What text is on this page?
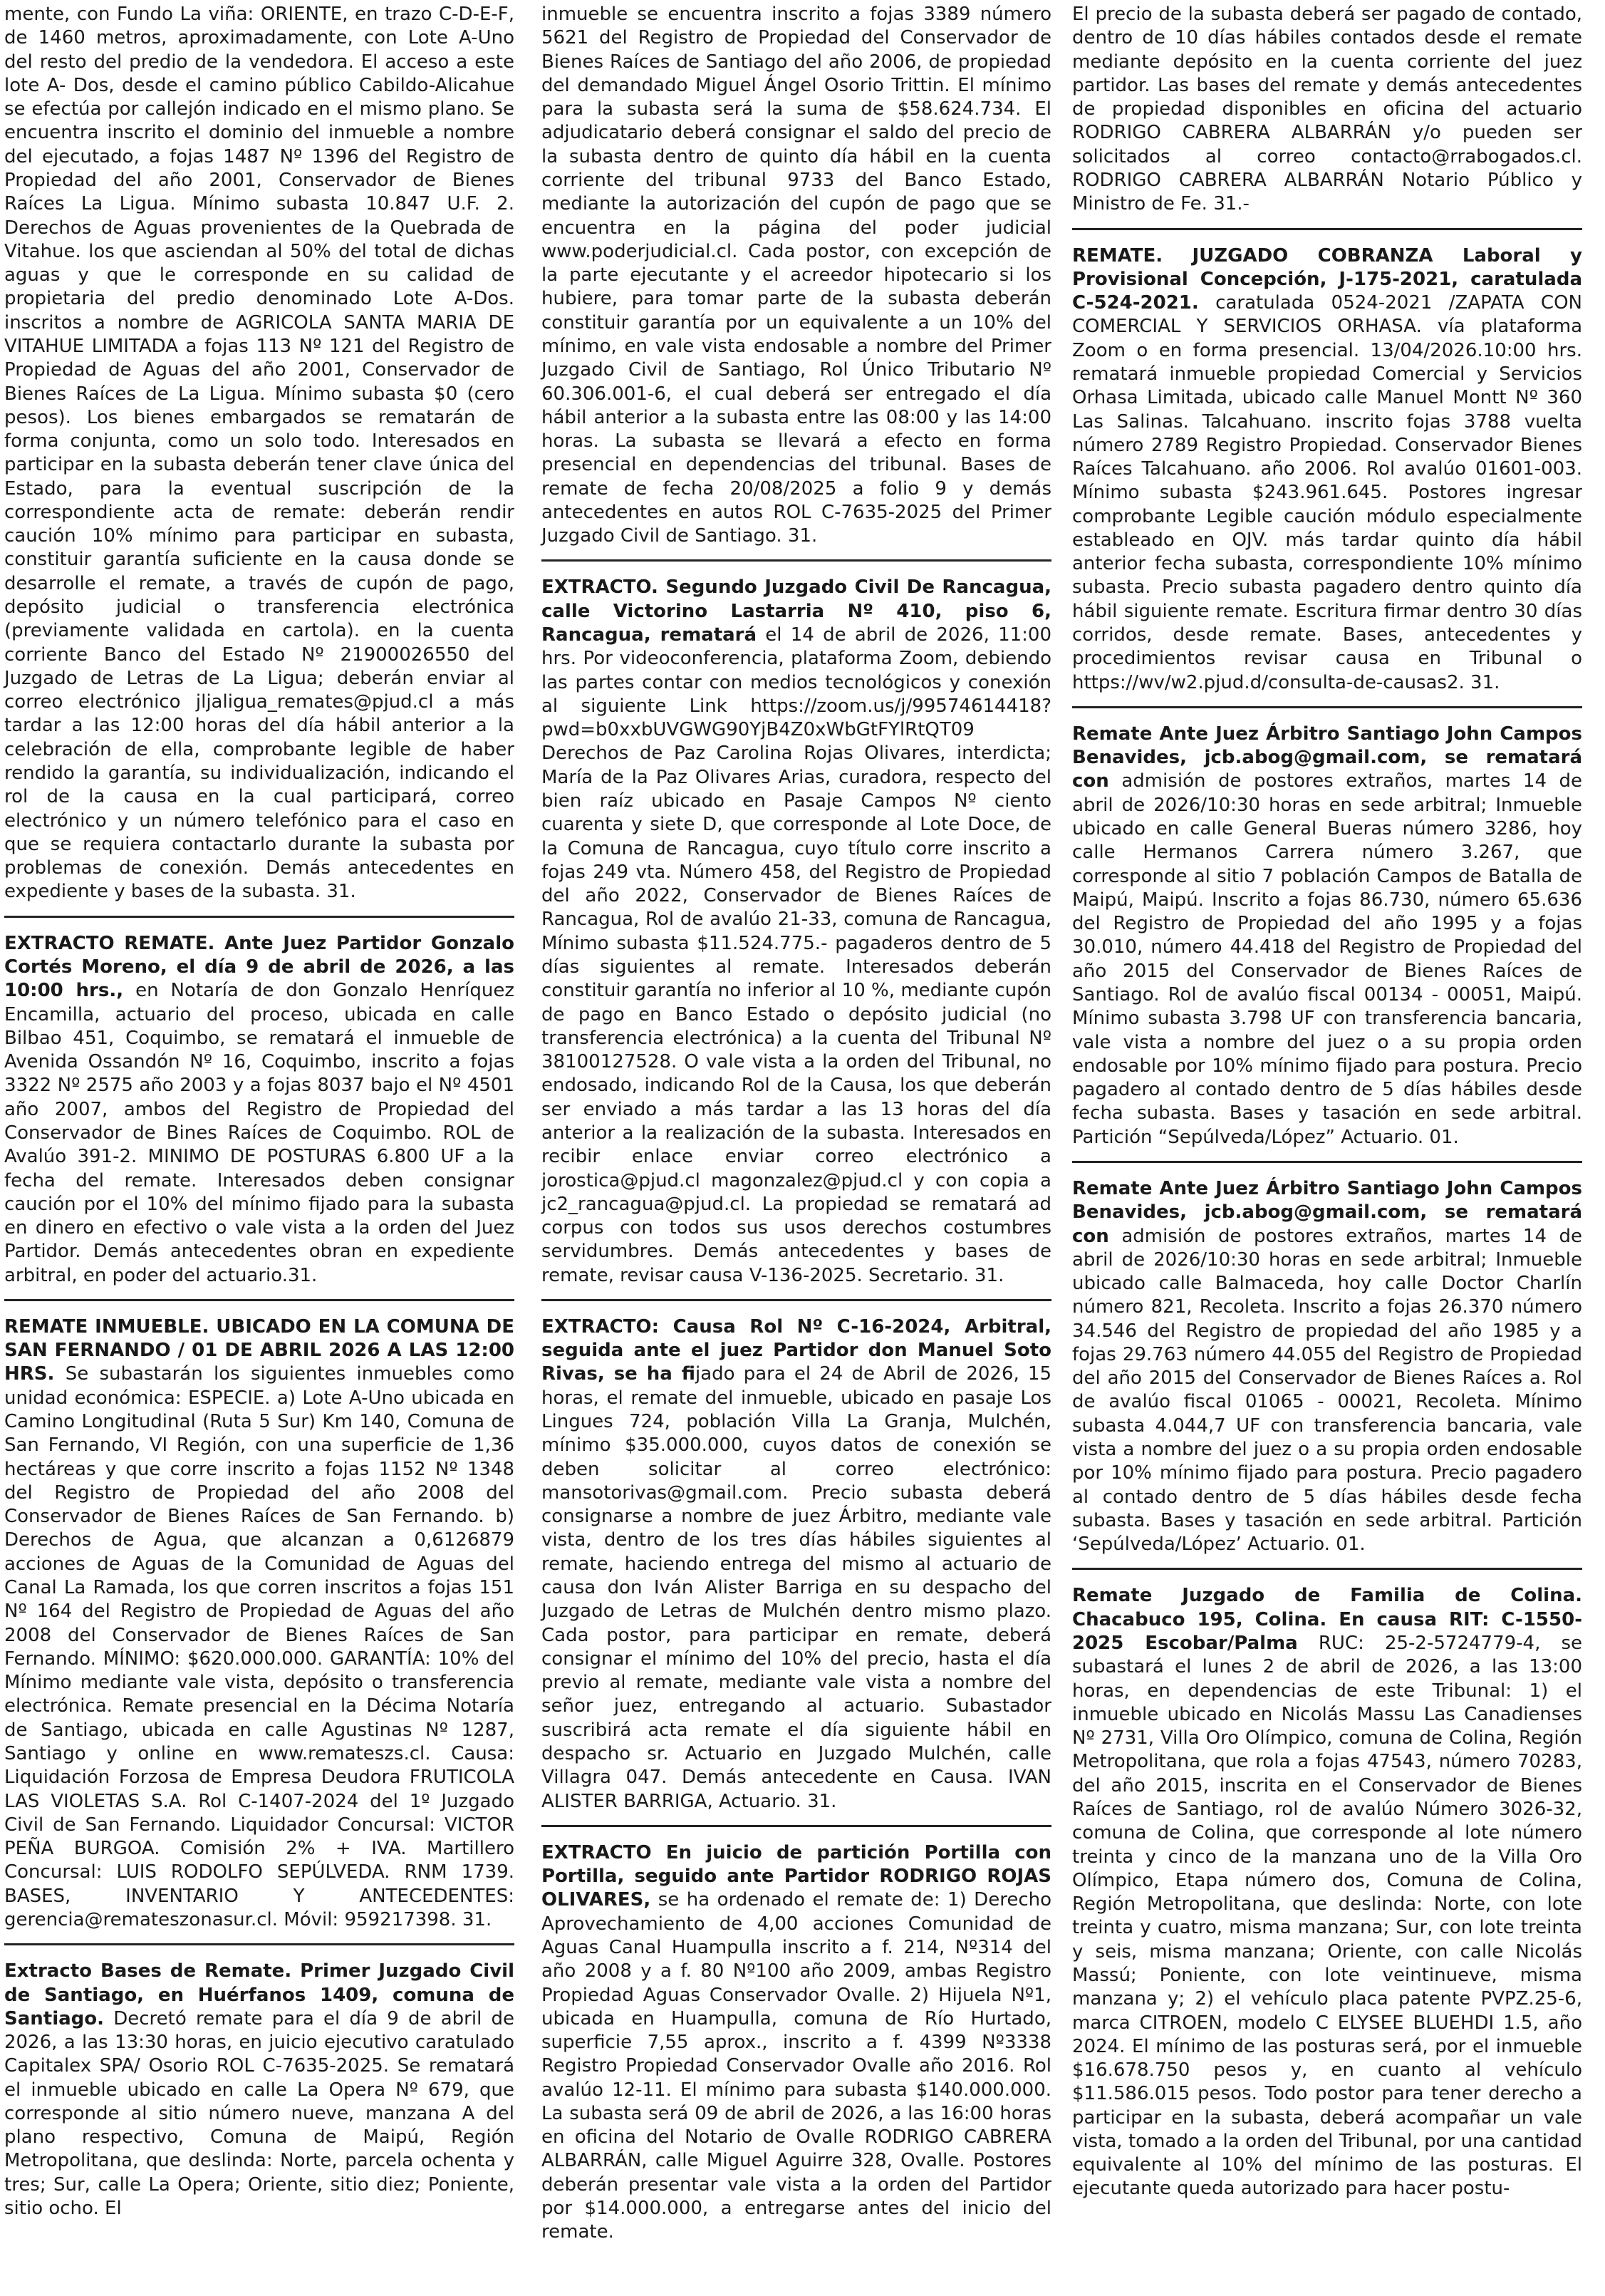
mente, con Fundo La viña: ORIENTE, en trazo C-D-E-F, de 1460 metros, aproximadamente, con Lote A-Uno del resto del predio de la vendedora. El acceso a este lote A- Dos, desde el camino público Cabildo-Alicahue se efectúa por callejón indicado en el mismo plano. Se encuentra inscrito el dominio del inmueble a nombre del ejecutado, a fojas 1487 Nº 1396 del Registro de Propiedad del año 2001, Conservador de Bienes Raíces La Ligua. Mínimo subasta 10.847 U.F. 2. Derechos de Aguas provenientes de la Quebrada de Vitahue. los que asciendan al 50% del total de dichas aguas y que le corresponde en su calidad de propietaria del predio denominado Lote A-Dos. inscritos a nombre de AGRICOLA SANTA MARIA DE VITAHUE LIMITADA a fojas 113 Nº 121 del Registro de Propiedad de Aguas del año 2001, Conservador de Bienes Raíces de La Ligua. Mínimo subasta $0 (cero pesos). Los bienes embargados se rematarán de forma conjunta, como un solo todo. Interesados en participar en la subasta deberán tener clave única del Estado, para la eventual suscripción de la correspondiente acta de remate: deberán rendir caución 10% mínimo para participar en subasta, constituir garantía suficiente en la causa donde se desarrolle el remate, a través de cupón de pago, depósito judicial o transferencia electrónica (previamente validada en cartola). en la cuenta corriente Banco del Estado Nº 21900026550 del Juzgado de Letras de La Ligua; deberán enviar al correo electrónico jljaligua_remates@pjud.cl a más tardar a las 12:00 horas del día hábil anterior a la celebración de ella, comprobante legible de haber rendido la garantía, su individualización, indicando el rol de la causa en la cual participará, correo electrónico y un número telefónico para el caso en que se requiera contactarlo durante la subasta por problemas de conexión. Demás antecedentes en expediente y bases de la subasta. 31.

EXTRACTO REMATE. Ante Juez Partidor Gonzalo Cortés Moreno, el día 9 de abril de 2026, a las 10:00 hrs., en Notaría de don Gonzalo Henríquez Encamilla, actuario del proceso, ubicada en calle Bilbao 451, Coquimbo, se rematará el inmueble de Avenida Ossandón Nº 16, Coquimbo, inscrito a fojas 3322 Nº 2575 año 2003 y a fojas 8037 bajo el Nº 4501 año 2007, ambos del Registro de Propiedad del Conservador de Bines Raíces de Coquimbo. ROL de Avalúo 391-2. MINIMO DE POSTURAS 6.800 UF a la fecha del remate. Interesados deben consignar caución por el 10% del mínimo fijado para la subasta en dinero en efectivo o vale vista a la orden del Juez Partidor. Demás antecedentes obran en expediente arbitral, en poder del actuario.31.

REMATE INMUEBLE. UBICADO EN LA COMUNA DE SAN FERNANDO / 01 DE ABRIL 2026 A LAS 12:00 HRS. Se subastarán los siguientes inmuebles como unidad económica: ESPECIE. a) Lote A-Uno ubicada en Camino Longitudinal (Ruta 5 Sur) Km 140, Comuna de San Fernando, VI Región, con una superficie de 1,36 hectáreas y que corre inscrito a fojas 1152 Nº 1348 del Registro de Propiedad del año 2008 del Conservador de Bienes Raíces de San Fernando. b) Derechos de Agua, que alcanzan a 0,6126879 acciones de Aguas de la Comunidad de Aguas del Canal La Ramada, los que corren inscritos a fojas 151 Nº 164 del Registro de Propiedad de Aguas del año 2008 del Conservador de Bienes Raíces de San Fernando. MÍNIMO: $620.000.000. GARANTÍA: 10% del Mínimo mediante vale vista, depósito o transferencia electrónica. Remate presencial en la Décima Notaría de Santiago, ubicada en calle Agustinas Nº 1287, Santiago y online en www.remateszs.cl. Causa: Liquidación Forzosa de Empresa Deudora FRUTICOLA LAS VIOLETAS S.A. Rol C-1407-2024 del 1º Juzgado Civil de San Fernando. Liquidador Concursal: VICTOR PEÑA BURGOA. Comisión 2% + IVA. Martillero Concursal: LUIS RODOLFO SEPÚLVEDA. RNM 1739. BASES, INVENTARIO Y ANTECEDENTES: gerencia@remateszonasur.cl. Móvil: 959217398. 31.

Extracto Bases de Remate. Primer Juzgado Civil de Santiago, en Huérfanos 1409, comuna de Santiago. Decretó remate para el día 9 de abril de 2026, a las 13:30 horas, en juicio ejecutivo caratulado Capitalex SPA/ Osorio ROL C-7635-2025. Se rematará el inmueble ubicado en calle La Opera Nº 679, que corresponde al sitio número nueve, manzana A del plano respectivo, Comuna de Maipú, Región Metropolitana, que deslinda: Norte, parcela ochenta y tres; Sur, calle La Opera; Oriente, sitio diez; Poniente, sitio ocho. El

inmueble se encuentra inscrito a fojas 3389 número 5621 del Registro de Propiedad del Conservador de Bienes Raíces de Santiago del año 2006, de propiedad del demandado Miguel Ángel Osorio Trittin. El mínimo para la subasta será la suma de $58.624.734. El adjudicatario deberá consignar el saldo del precio de la subasta dentro de quinto día hábil en la cuenta corriente del tribunal 9733 del Banco Estado, mediante la autorización del cupón de pago que se encuentra en la página del poder judicial www.poderjudicial.cl. Cada postor, con excepción de la parte ejecutante y el acreedor hipotecario si los hubiere, para tomar parte de la subasta deberán constituir garantía por un equivalente a un 10% del mínimo, en vale vista endosable a nombre del Primer Juzgado Civil de Santiago, Rol Único Tributario Nº 60.306.001-6, el cual deberá ser entregado el día hábil anterior a la subasta entre las 08:00 y las 14:00 horas. La subasta se llevará a efecto en forma presencial en dependencias del tribunal. Bases de remate de fecha 20/08/2025 a folio 9 y demás antecedentes en autos ROL C-7635-2025 del Primer Juzgado Civil de Santiago. 31.

EXTRACTO. Segundo Juzgado Civil De Rancagua, calle Victorino Lastarria Nº 410, piso 6, Rancagua, rematará el 14 de abril de 2026, 11:00 hrs. Por videoconferencia, plataforma Zoom, debiendo las partes contar con medios tecnológicos y conexión al siguiente Link https://zoom.us/j/99574614418?pwd=b0xxbUVGWG90YjB4Z0xWbGtFYlRtQT09 Derechos de Paz Carolina Rojas Olivares, interdicta; María de la Paz Olivares Arias, curadora, respecto del bien raíz ubicado en Pasaje Campos Nº ciento cuarenta y siete D, que corresponde al Lote Doce, de la Comuna de Rancagua, cuyo título corre inscrito a fojas 249 vta. Número 458, del Registro de Propiedad del año 2022, Conservador de Bienes Raíces de Rancagua, Rol de avalúo 21-33, comuna de Rancagua, Mínimo subasta $11.524.775.- pagaderos dentro de 5 días siguientes al remate. Interesados deberán constituir garantía no inferior al 10 %, mediante cupón de pago en Banco Estado o depósito judicial (no transferencia electrónica) a la cuenta del Tribunal Nº 38100127528. O vale vista a la orden del Tribunal, no endosado, indicando Rol de la Causa, los que deberán ser enviado a más tardar a las 13 horas del día anterior a la realización de la subasta. Interesados en recibir enlace enviar correo electrónico a jorostica@pjud.cl magonzalez@pjud.cl y con copia a jc2_rancagua@pjud.cl. La propiedad se rematará ad corpus con todos sus usos derechos costumbres servidumbres. Demás antecedentes y bases de remate, revisar causa V-136-2025. Secretario. 31.

EXTRACTO: Causa Rol Nº C-16-2024, Arbitral, seguida ante el juez Partidor don Manuel Soto Rivas, se ha fijado para el 24 de Abril de 2026, 15 horas, el remate del inmueble, ubicado en pasaje Los Lingues 724, población Villa La Granja, Mulchén, mínimo $35.000.000, cuyos datos de conexión se deben solicitar al correo electrónico: mansotorivas@gmail.com. Precio subasta deberá consignarse a nombre de juez Árbitro, mediante vale vista, dentro de los tres días hábiles siguientes al remate, haciendo entrega del mismo al actuario de causa don Iván Alister Barriga en su despacho del Juzgado de Letras de Mulchén dentro mismo plazo. Cada postor, para participar en remate, deberá consignar el mínimo del 10% del precio, hasta el día previo al remate, mediante vale vista a nombre del señor juez, entregando al actuario. Subastador suscribirá acta remate el día siguiente hábil en despacho sr. Actuario en Juzgado Mulchén, calle Villagra 047. Demás antecedente en Causa. IVAN ALISTER BARRIGA, Actuario. 31.

EXTRACTO En juicio de partición Portilla con Portilla, seguido ante Partidor RODRIGO ROJAS OLIVARES, se ha ordenado el remate de: 1) Derecho Aprovechamiento de 4,00 acciones Comunidad de Aguas Canal Huampulla inscrito a f. 214, Nº314 del año 2008 y a f. 80 Nº100 año 2009, ambas Registro Propiedad Aguas Conservador Ovalle. 2) Hijuela Nº1, ubicada en Huampulla, comuna de Río Hurtado, superficie 7,55 aprox., inscrito a f. 4399 Nº3338 Registro Propiedad Conservador Ovalle año 2016. Rol avalúo 12-11. El mínimo para subasta $140.000.000. La subasta será 09 de abril de 2026, a las 16:00 horas en oficina del Notario de Ovalle RODRIGO CABRERA ALBARRÁN, calle Miguel Aguirre 328, Ovalle. Postores deberán presentar vale vista a la orden del Partidor por $14.000.000, a entregarse antes del inicio del remate.

El precio de la subasta deberá ser pagado de contado, dentro de 10 días hábiles contados desde el remate mediante depósito en la cuenta corriente del juez partidor. Las bases del remate y demás antecedentes de propiedad disponibles en oficina del actuario RODRIGO CABRERA ALBARRÁN y/o pueden ser solicitados al correo contacto@rrabogados.cl. RODRIGO CABRERA ALBARRÁN Notario Público y Ministro de Fe. 31.-

REMATE. JUZGADO COBRANZA Laboral y Provisional Concepción, J-175-2021, caratulada C-524-2021. caratulada 0524-2021 /ZAPATA CON COMERCIAL Y SERVICIOS ORHASA. vía plataforma Zoom o en forma presencial. 13/04/2026.10:00 hrs. rematará inmueble propiedad Comercial y Servicios Orhasa Limitada, ubicado calle Manuel Montt Nº 360 Las Salinas. Talcahuano. inscrito fojas 3788 vuelta número 2789 Registro Propiedad. Conservador Bienes Raíces Talcahuano. año 2006. Rol avalúo 01601-003. Mínimo subasta $243.961.645. Postores ingresar comprobante Legible caución módulo especialmente estableado en OJV. más tardar quinto día hábil anterior fecha subasta, correspondiente 10% mínimo subasta. Precio subasta pagadero dentro quinto día hábil siguiente remate. Escritura firmar dentro 30 días corridos, desde remate. Bases, antecedentes y procedimientos revisar causa en Tribunal o https://wv/w2.pjud.d/consulta-de-causas2. 31.

Remate Ante Juez Árbitro Santiago John Campos Benavides, jcb.abog@gmail.com, se rematará con admisión de postores extraños, martes 14 de abril de 2026/10:30 horas en sede arbitral; Inmueble ubicado en calle General Bueras número 3286, hoy calle Hermanos Carrera número 3.267, que corresponde al sitio 7 población Campos de Batalla de Maipú, Maipú. Inscrito a fojas 86.730, número 65.636 del Registro de Propiedad del año 1995 y a fojas 30.010, número 44.418 del Registro de Propiedad del año 2015 del Conservador de Bienes Raíces de Santiago. Rol de avalúo fiscal 00134 - 00051, Maipú. Mínimo subasta 3.798 UF con transferencia bancaria, vale vista a nombre del juez o a su propia orden endosable por 10% mínimo fijado para postura. Precio pagadero al contado dentro de 5 días hábiles desde fecha subasta. Bases y tasación en sede arbitral. Partición “Sepúlveda/López” Actuario. 01.

Remate Ante Juez Árbitro Santiago John Campos Benavides, jcb.abog@gmail.com, se rematará con admisión de postores extraños, martes 14 de abril de 2026/10:30 horas en sede arbitral; Inmueble ubicado calle Balmaceda, hoy calle Doctor Charlín número 821, Recoleta. Inscrito a fojas 26.370 número 34.546 del Registro de propiedad del año 1985 y a fojas 29.763 número 44.055 del Registro de Propiedad del año 2015 del Conservador de Bienes Raíces a. Rol de avalúo fiscal 01065 - 00021, Recoleta. Mínimo subasta 4.044,7 UF con transferencia bancaria, vale vista a nombre del juez o a su propia orden endosable por 10% mínimo fijado para postura. Precio pagadero al contado dentro de 5 días hábiles desde fecha subasta. Bases y tasación en sede arbitral. Partición ‘Sepúlveda/López’ Actuario. 01.

Remate Juzgado de Familia de Colina. Chacabuco 195, Colina. En causa RIT: C-1550-2025 Escobar/Palma RUC: 25-2-5724779-4, se subastará el lunes 2 de abril de 2026, a las 13:00 horas, en dependencias de este Tribunal: 1) el inmueble ubicado en Nicolás Massu Las Canadienses Nº 2731, Villa Oro Olímpico, comuna de Colina, Región Metropolitana, que rola a fojas 47543, número 70283, del año 2015, inscrita en el Conservador de Bienes Raíces de Santiago, rol de avalúo Número 3026-32, comuna de Colina, que corresponde al lote número treinta y cinco de la manzana uno de la Villa Oro Olímpico, Etapa número dos, Comuna de Colina, Región Metropolitana, que deslinda: Norte, con lote treinta y cuatro, misma manzana; Sur, con lote treinta y seis, misma manzana; Oriente, con calle Nicolás Massú; Poniente, con lote veintinueve, misma manzana y; 2) el vehículo placa patente PVPZ.25-6, marca CITROEN, modelo C ELYSEE BLUEHDI 1.5, año 2024. El mínimo de las posturas será, por el inmueble $16.678.750 pesos y, en cuanto al vehículo $11.586.015 pesos. Todo postor para tener derecho a participar en la subasta, deberá acompañar un vale vista, tomado a la orden del Tribunal, por una cantidad equivalente al 10% del mínimo de las posturas. El ejecutante queda autorizado para hacer postu-
